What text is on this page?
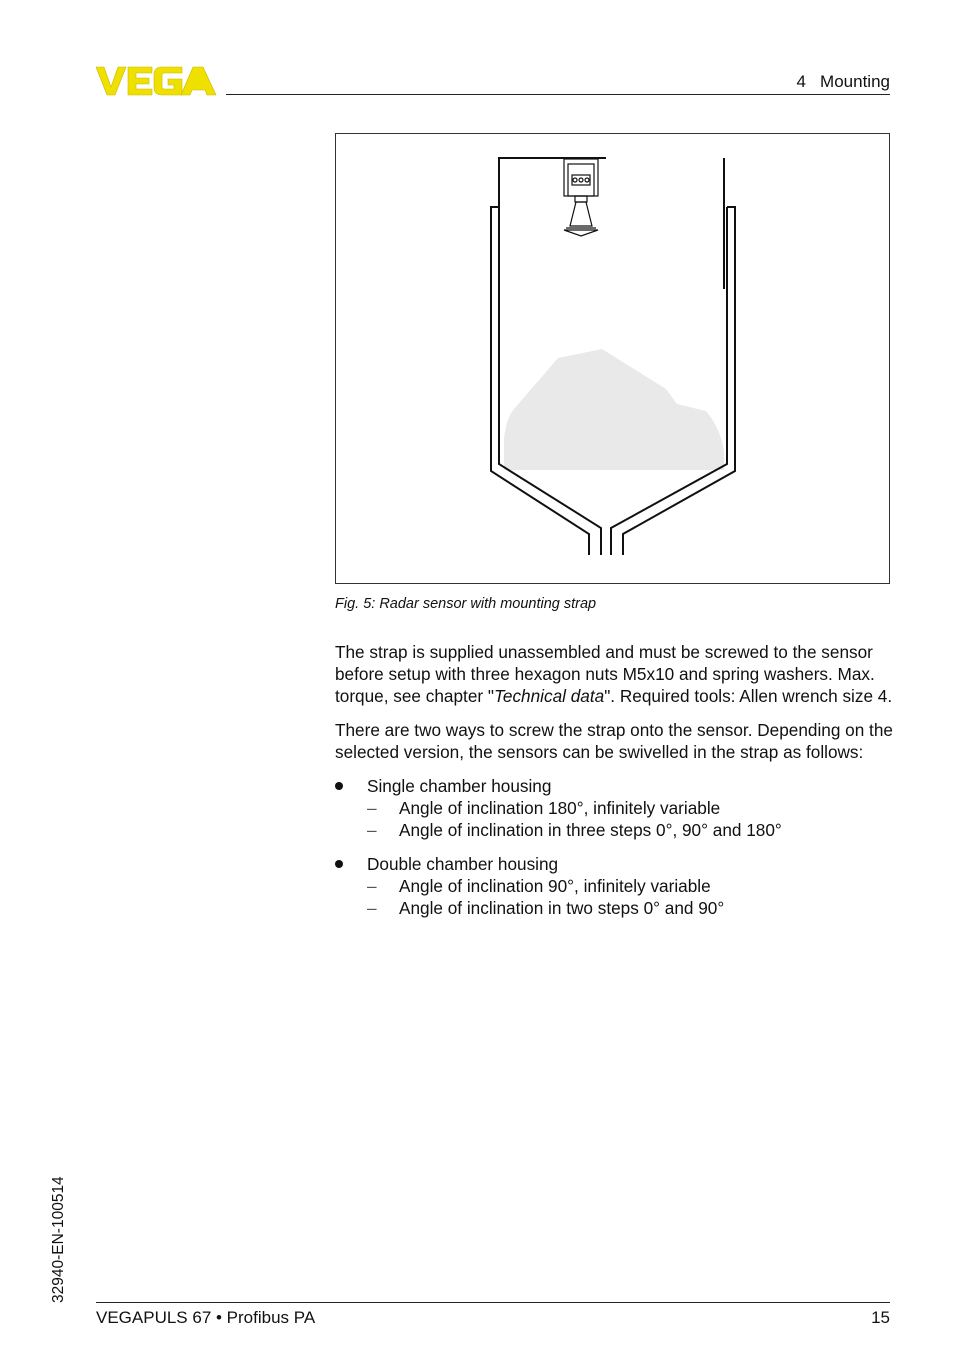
4   Mounting
Fig. 5: Radar sensor with mounting strap

The strap is supplied unassembled and must be screwed to the sensor before setup with three hexagon nuts M5x10 and spring washers. Max. torque, see chapter "Technical data". Required tools: Allen wrench size 4.

There are two ways to screw the strap onto the sensor. Depending on the selected version, the sensors can be swivelled in the strap as follows:

Single chamber housing
– Angle of inclination 180°, infinitely variable
– Angle of inclination in three steps 0°, 90° and 180°
Double chamber housing
– Angle of inclination 90°, infinitely variable
– Angle of inclination in two steps 0° and 90°
32940-EN-100514
VEGAPULS 67 • Profibus PA	15
